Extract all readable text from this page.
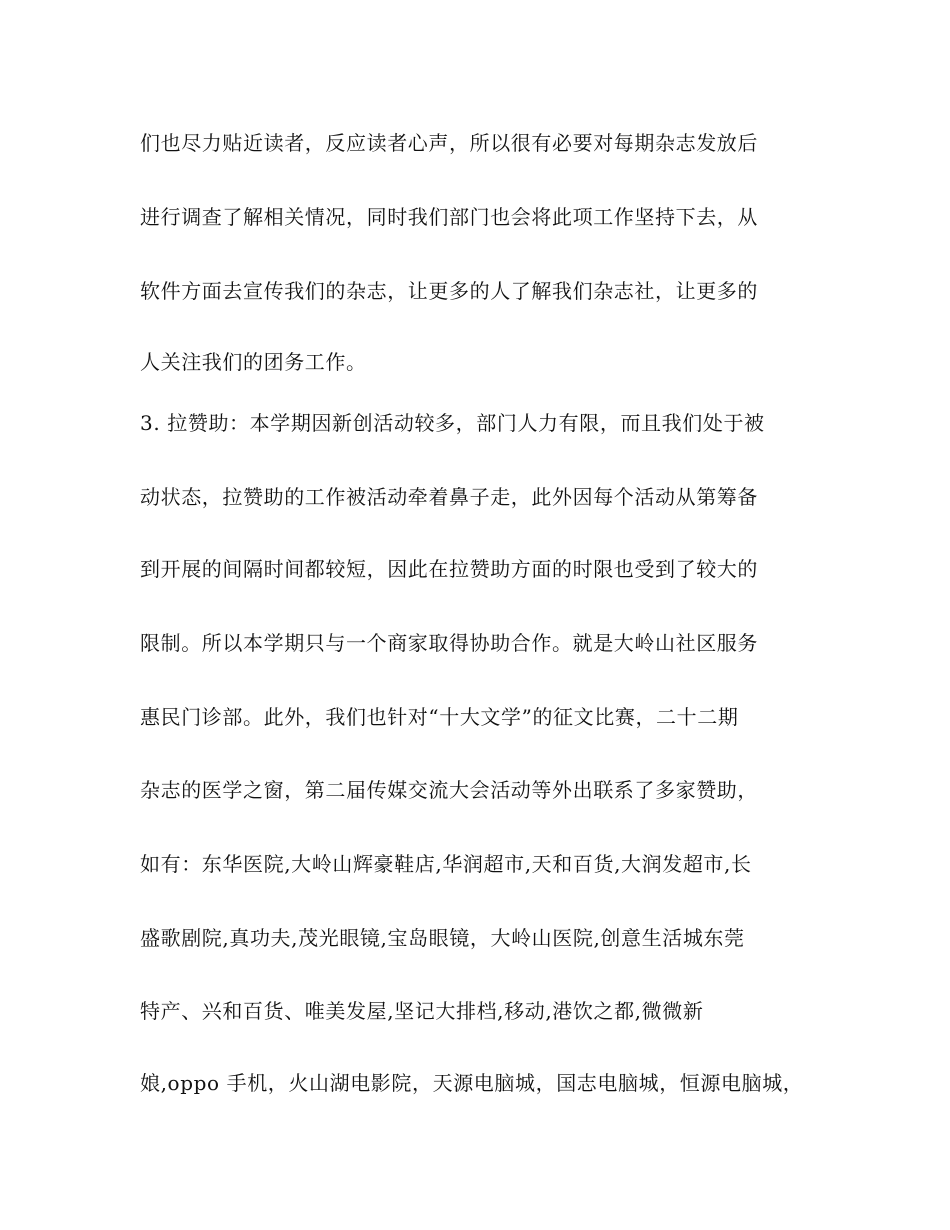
们也尽力贴近读者，反应读者心声，所以很有必要对每期杂志发放后
进行调查了解相关情况，同时我们部门也会将此项工作坚持下去，从
软件方面去宣传我们的杂志，让更多的人了解我们杂志社，让更多的
人关注我们的团务工作。
3. 拉赞助：本学期因新创活动较多，部门人力有限，而且我们处于被
动状态，拉赞助的工作被活动牵着鼻子走，此外因每个活动从第筹备
到开展的间隔时间都较短，因此在拉赞助方面的时限也受到了较大的
限制。所以本学期只与一个商家取得协助合作。就是大岭山社区服务
惠民门诊部。此外，我们也针对“十大文学”的征文比赛，二十二期
杂志的医学之窗，第二届传媒交流大会活动等外出联系了多家赞助，
如有：东华医院,大岭山辉豪鞋店,华润超市,天和百货,大润发超市,长
盛歌剧院,真功夫,茂光眼镜,宝岛眼镜，大岭山医院,创意生活城东莞
特产、兴和百货、唯美发屋,坚记大排档,移动,港饮之都,微微新
娘,oppo 手机，火山湖电影院，天源电脑城，国志电脑城，恒源电脑城，
